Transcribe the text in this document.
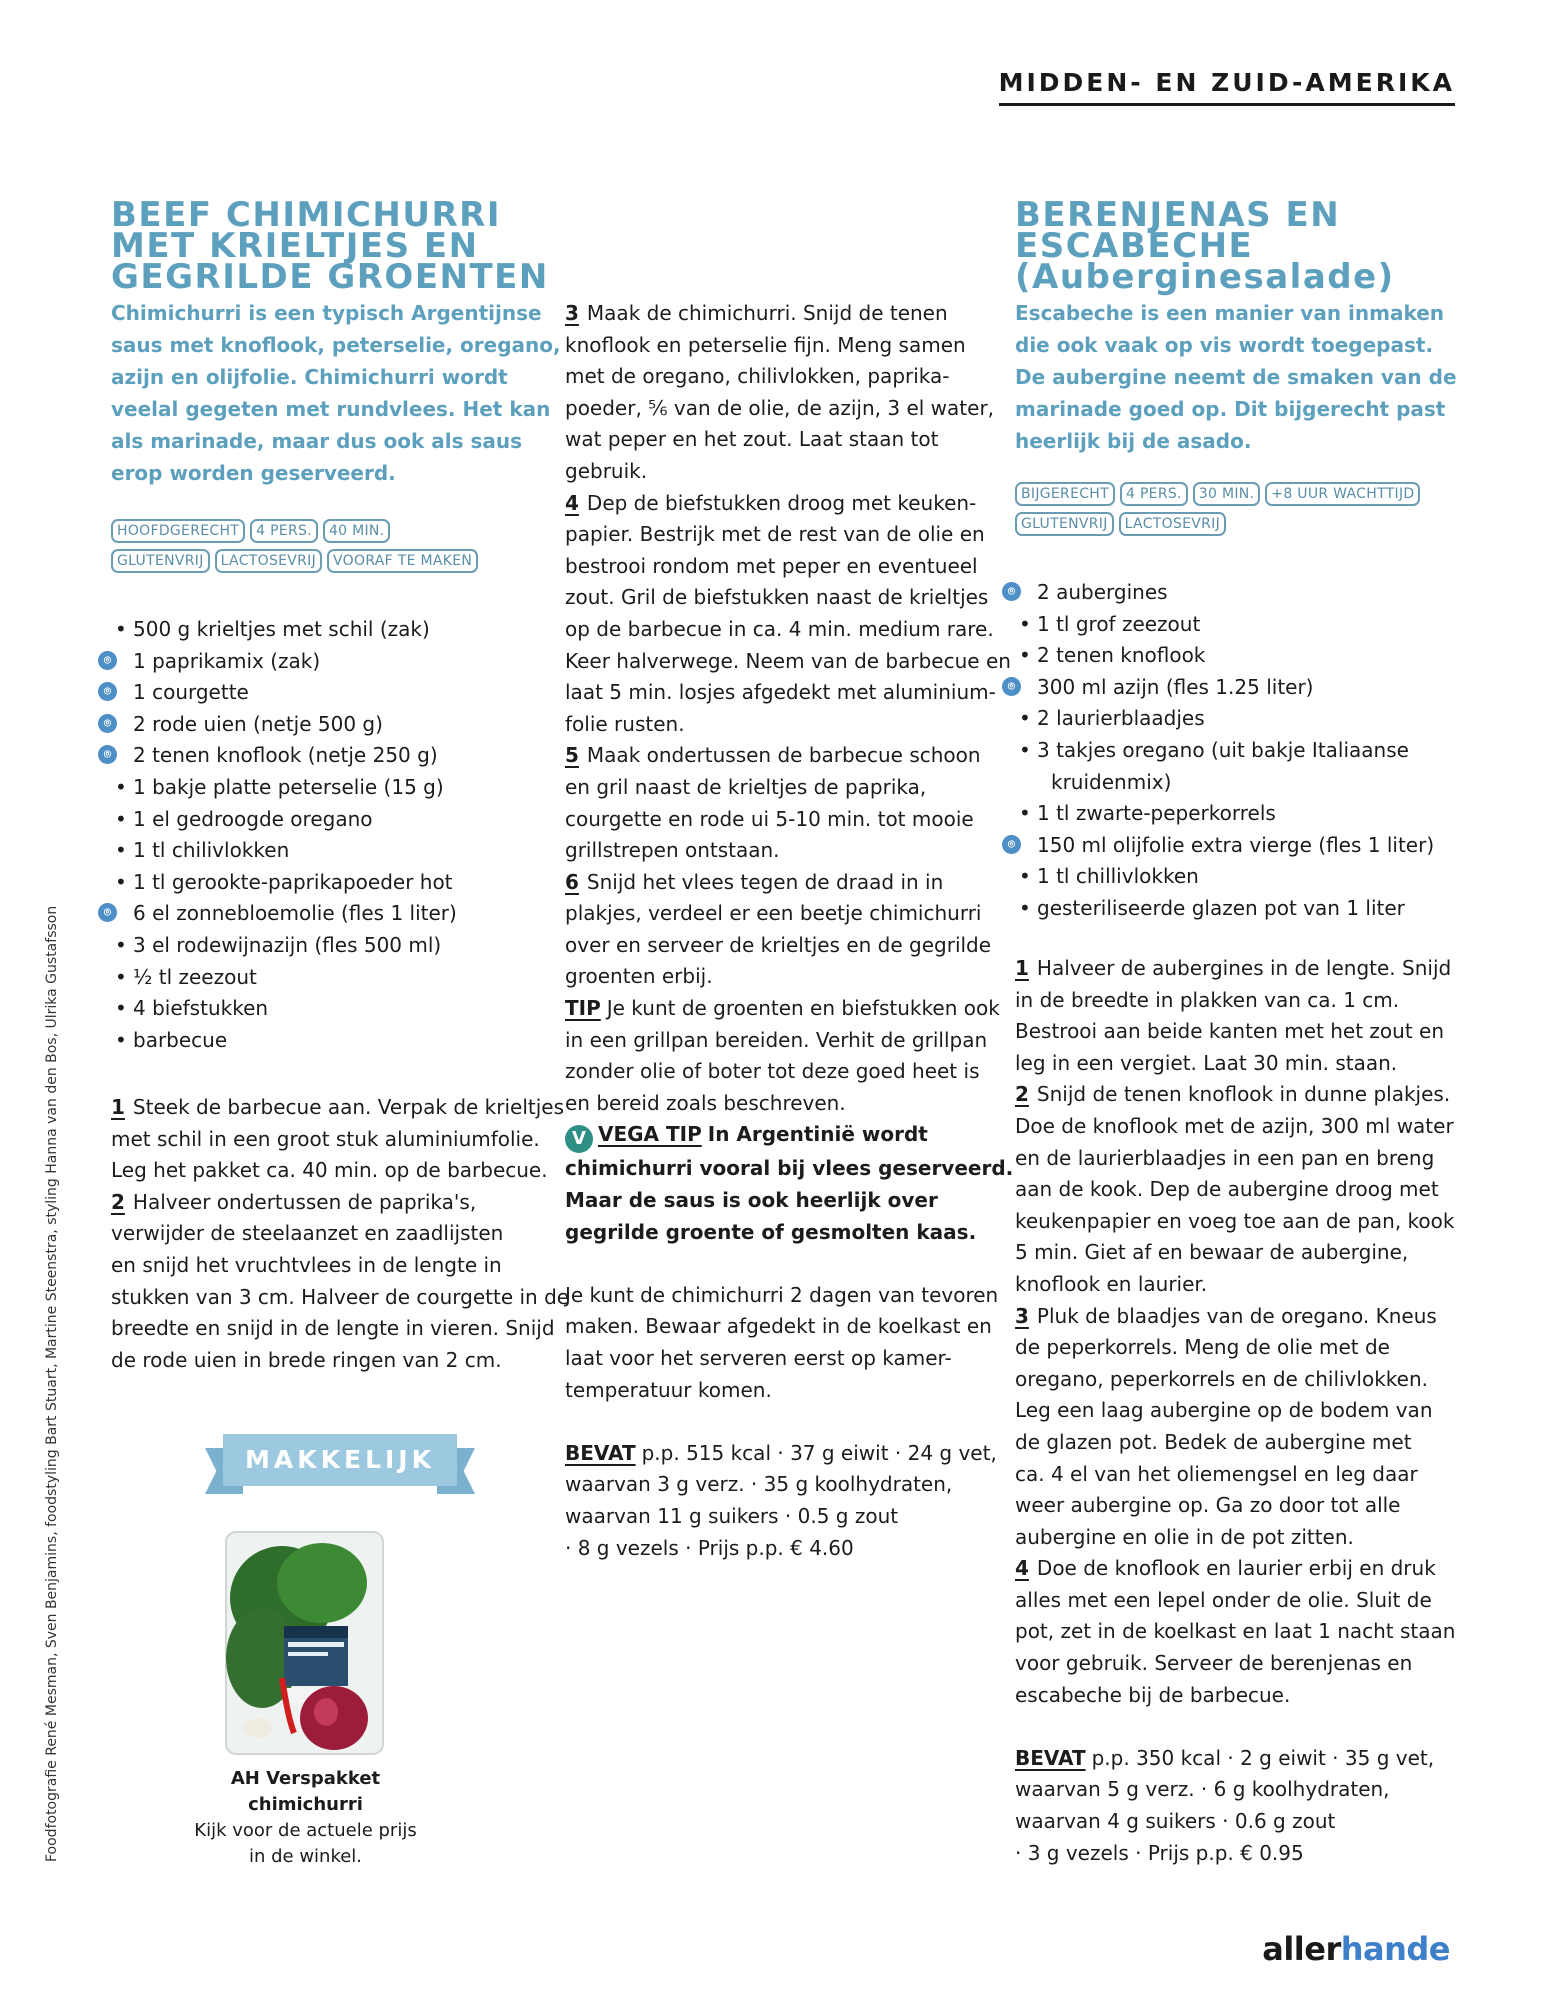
MIDDEN- EN ZUID-AMERIKA
BEEF CHIMICHURRI
MET KRIELTJES EN
GEGRILDE GROENTEN

Chimichurri is een typisch Argentijnse
saus met knoflook, peterselie, oregano,
azijn en olijfolie. Chimichurri wordt
veelal gegeten met rundvlees. Het kan
als marinade, maar dus ook als saus
erop worden geserveerd.

HOOFDGERECHT	4 PERS.	40 MIN.
GLUTENVRIJ	LACTOSEVRIJ	VOORAF TE MAKEN
• 500 g krieltjes met schil (zak)
⌾ 1 paprikamix (zak)
⌾ 1 courgette
⌾ 2 rode uien (netje 500 g)
⌾ 2 tenen knoflook (netje 250 g)
• 1 bakje platte peterselie (15 g)
• 1 el gedroogde oregano
• 1 tl chilivlokken
• 1 tl gerookte-paprikapoeder hot
⌾ 6 el zonnebloemolie (fles 1 liter)
• 3 el rodewijnazijn (fles 500 ml)
• ½ tl zeezout
• 4 biefstukken
• barbecue
1 Steek de barbecue aan. Verpak de krieltjes
met schil in een groot stuk aluminiumfolie.
Leg het pakket ca. 40 min. op de barbecue.
2 Halveer ondertussen de paprika's,
verwijder de steelaanzet en zaadlijsten
en snijd het vruchtvlees in de lengte in
stukken van 3 cm. Halveer de courgette in de
breedte en snijd in de lengte in vieren. Snijd
de rode uien in brede ringen van 2 cm.
3 Maak de chimichurri. Snijd de tenen
knoflook en peterselie fijn. Meng samen
met de oregano, chilivlokken, paprika-
poeder, ⅚ van de olie, de azijn, 3 el water,
wat peper en het zout. Laat staan tot
gebruik.
4 Dep de biefstukken droog met keuken-
papier. Bestrijk met de rest van de olie en
bestrooi rondom met peper en eventueel
zout. Gril de biefstukken naast de krieltjes
op de barbecue in ca. 4 min. medium rare.
Keer halverwege. Neem van de barbecue en
laat 5 min. losjes afgedekt met aluminium-
folie rusten.
5 Maak ondertussen de barbecue schoon
en gril naast de krieltjes de paprika,
courgette en rode ui 5-10 min. tot mooie
grillstrepen ontstaan.
6 Snijd het vlees tegen de draad in in
plakjes, verdeel er een beetje chimichurri
over en serveer de krieltjes en de gegrilde
groenten erbij.
TIP Je kunt de groenten en biefstukken ook
in een grillpan bereiden. Verhit de grillpan
zonder olie of boter tot deze goed heet is
en bereid zoals beschreven.
V VEGA TIP In Argentinië wordt
chimichurri vooral bij vlees geserveerd.
Maar de saus is ook heerlijk over
gegrilde groente of gesmolten kaas.
Je kunt de chimichurri 2 dagen van tevoren
maken. Bewaar afgedekt in de koelkast en
laat voor het serveren eerst op kamer-
temperatuur komen.
BEVAT p.p. 515 kcal · 37 g eiwit · 24 g vet,
waarvan 3 g verz. · 35 g koolhydraten,
waarvan 11 g suikers · 0.5 g zout
· 8 g vezels · Prijs p.p. € 4.60
BERENJENAS EN
ESCABECHE
(Auberginesalade)

Escabeche is een manier van inmaken
die ook vaak op vis wordt toegepast.
De aubergine neemt de smaken van de
marinade goed op. Dit bijgerecht past
heerlijk bij de asado.

BIJGERECHT	4 PERS.	30 MIN.	+8 UUR WACHTTIJD
GLUTENVRIJ	LACTOSEVRIJ
⌾ 2 aubergines
• 1 tl grof zeezout
• 2 tenen knoflook
⌾ 300 ml azijn (fles 1.25 liter)
• 2 laurierblaadjes
• 3 takjes oregano (uit bakje Italiaanse
kruidenmix)
• 1 tl zwarte-peperkorrels
⌾ 150 ml olijfolie extra vierge (fles 1 liter)
• 1 tl chillivlokken
• gesteriliseerde glazen pot van 1 liter
1 Halveer de aubergines in de lengte. Snijd
in de breedte in plakken van ca. 1 cm.
Bestrooi aan beide kanten met het zout en
leg in een vergiet. Laat 30 min. staan.
2 Snijd de tenen knoflook in dunne plakjes.
Doe de knoflook met de azijn, 300 ml water
en de laurierblaadjes in een pan en breng
aan de kook. Dep de aubergine droog met
keukenpapier en voeg toe aan de pan, kook
5 min. Giet af en bewaar de aubergine,
knoflook en laurier.
3 Pluk de blaadjes van de oregano. Kneus
de peperkorrels. Meng de olie met de
oregano, peperkorrels en de chilivlokken.
Leg een laag aubergine op de bodem van
de glazen pot. Bedek de aubergine met
ca. 4 el van het oliemengsel en leg daar
weer aubergine op. Ga zo door tot alle
aubergine en olie in de pot zitten.
4 Doe de knoflook en laurier erbij en druk
alles met een lepel onder de olie. Sluit de
pot, zet in de koelkast en laat 1 nacht staan
voor gebruik. Serveer de berenjenas en
escabeche bij de barbecue.
BEVAT p.p. 350 kcal · 2 g eiwit · 35 g vet,
waarvan 5 g verz. · 6 g koolhydraten,
waarvan 4 g suikers · 0.6 g zout
· 3 g vezels · Prijs p.p. € 0.95
MAKKELIJK
AH Verspakket
chimichurri
Kijk voor de actuele prijs
in de winkel.
Foodfotografie René Mesman, Sven Benjamins, foodstyling Bart Stuart, Martine Steenstra, styling Hanna van den Bos, Ulrika Gustafsson
allerhande
